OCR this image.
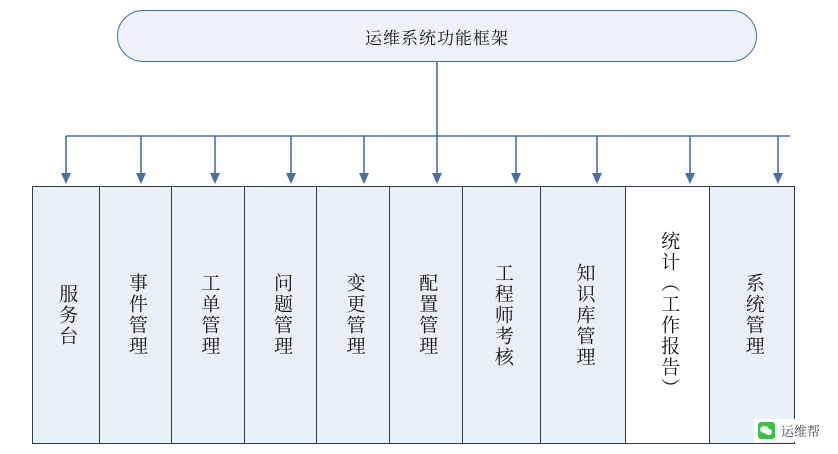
运维系统功能框架
服务台	事件管理	工单管理	问题管理	变更管理	配置管理	工程师考核	知识库管理	统计（工作报告）	系统管理
运维帮
